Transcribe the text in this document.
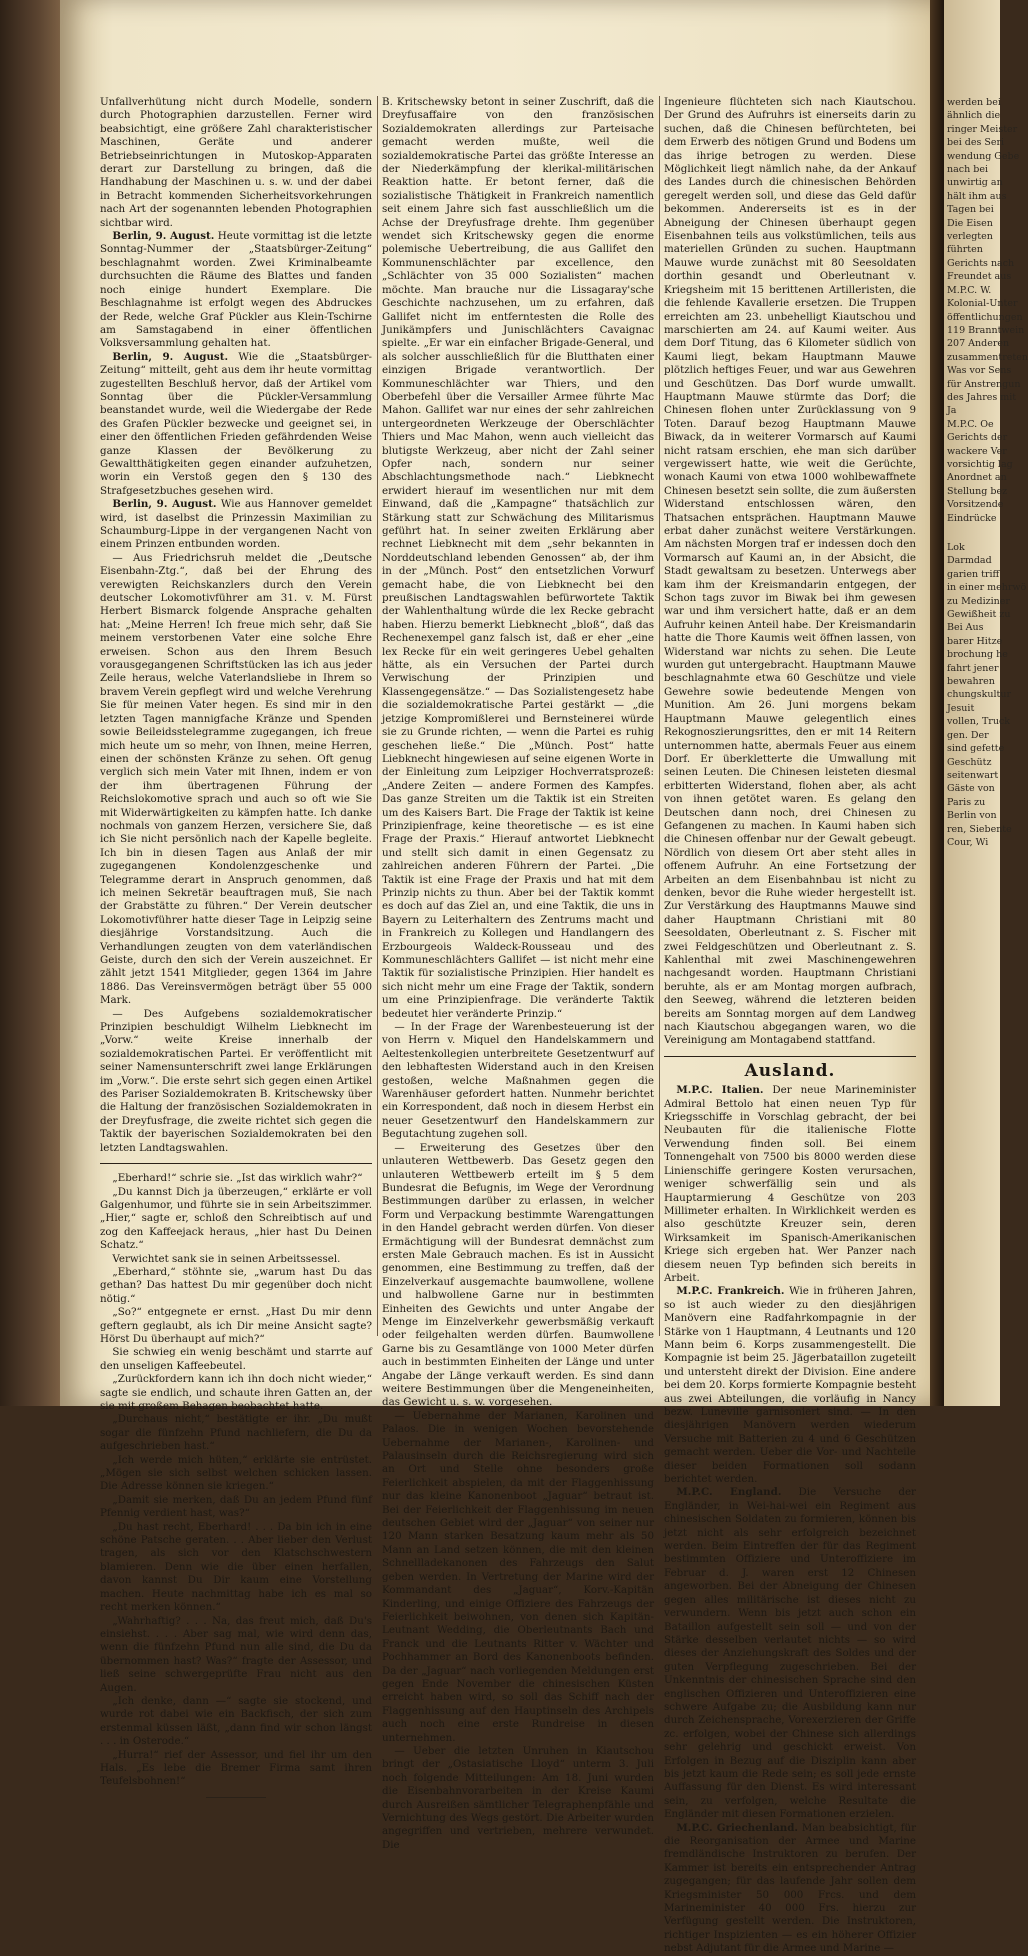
Unfallverhütung nicht durch Modelle, sondern durch Photographien darzustellen. Ferner wird beabsichtigt, eine größere Zahl charakteristischer Maschinen, Geräte und anderer Betriebseinrichtungen in Mutoskop-Apparaten derart zur Darstellung zu bringen, daß die Handhabung der Maschinen u. s. w. und der dabei in Betracht kommenden Sicherheitsvorkehrungen nach Art der sogenannten lebenden Photographien sichtbar wird.

Berlin, 9. August. Heute vormittag ist die letzte Sonntag-Nummer der „Staatsbürger-Zeitung“ beschlagnahmt worden. Zwei Kriminalbeamte durchsuchten die Räume des Blattes und fanden noch einige hundert Exemplare. Die Beschlagnahme ist erfolgt wegen des Abdruckes der Rede, welche Graf Pückler aus Klein-Tschirne am Samstagabend in einer öffentlichen Volksversammlung gehalten hat.

Berlin, 9. August. Wie die „Staatsbürger-Zeitung“ mitteilt, geht aus dem ihr heute vormittag zugestellten Beschluß hervor, daß der Artikel vom Sonntag über die Pückler-Versammlung beanstandet wurde, weil die Wiedergabe der Rede des Grafen Pückler bezwecke und geeignet sei, in einer den öffentlichen Frieden gefährdenden Weise ganze Klassen der Bevölkerung zu Gewaltthätigkeiten gegen einander aufzuhetzen, worin ein Verstoß gegen den § 130 des Strafgesetzbuches gesehen wird.

Berlin, 9. August. Wie aus Hannover gemeldet wird, ist daselbst die Prinzessin Maximilian zu Schaumburg-Lippe in der vergangenen Nacht von einem Prinzen entbunden worden.

— Aus Friedrichsruh meldet die „Deutsche Eisenbahn-Ztg.“, daß bei der Ehrung des verewigten Reichskanzlers durch den Verein deutscher Lokomotivführer am 31. v. M. Fürst Herbert Bismarck folgende Ansprache gehalten hat: „Meine Herren! Ich freue mich sehr, daß Sie meinem verstorbenen Vater eine solche Ehre erweisen. Schon aus den Ihrem Besuch vorausgegangenen Schriftstücken las ich aus jeder Zeile heraus, welche Vaterlandsliebe in Ihrem so bravem Verein gepflegt wird und welche Verehrung Sie für meinen Vater hegen. Es sind mir in den letzten Tagen mannigfache Kränze und Spenden sowie Beileidsstelegramme zugegangen, ich freue mich heute um so mehr, von Ihnen, meine Herren, einen der schönsten Kränze zu sehen. Oft genug verglich sich mein Vater mit Ihnen, indem er von der ihm übertragenen Führung der Reichslokomotive sprach und auch so oft wie Sie mit Widerwärtigkeiten zu kämpfen hatte. Ich danke nochmals von ganzem Herzen, versichere Sie, daß ich Sie nicht persönlich nach der Kapelle begleite. Ich bin in diesen Tagen aus Anlaß der mir zugegangenen Kondolenzgeschenke und Telegramme derart in Anspruch genommen, daß ich meinen Sekretär beauftragen muß, Sie nach der Grabstätte zu führen.“ Der Verein deutscher Lokomotivführer hatte dieser Tage in Leipzig seine diesjährige Vorstandsitzung. Auch die Verhandlungen zeugten von dem vaterländischen Geiste, durch den sich der Verein auszeichnet. Er zählt jetzt 1541 Mitglieder, gegen 1364 im Jahre 1886. Das Vereinsvermögen beträgt über 55 000 Mark.

— Des Aufgebens sozialdemokratischer Prinzipien beschuldigt Wilhelm Liebknecht im „Vorw.“ weite Kreise innerhalb der sozialdemokratischen Partei. Er veröffentlicht mit seiner Namensunterschrift zwei lange Erklärungen im „Vorw.“. Die erste sehrt sich gegen einen Artikel des Pariser Sozialdemokraten B. Kritschewsky über die Haltung der französischen Sozialdemokraten in der Dreyfusfrage, die zweite richtet sich gegen die Taktik der bayerischen Sozialdemokraten bei den letzten Landtagswahlen.

„Eberhard!“ schrie sie. „Ist das wirklich wahr?“

„Du kannst Dich ja überzeugen,“ erklärte er voll Galgenhumor, und führte sie in sein Arbeitszimmer. „Hier,“ sagte er, schloß den Schreibtisch auf und zog den Kaffeejack heraus, „hier hast Du Deinen Schatz.“

Verwichtet sank sie in seinen Arbeitssessel.

„Eberhard,“ stöhnte sie, „warum hast Du das gethan? Das hattest Du mir gegenüber doch nicht nötig.“

„So?“ entgegnete er ernst. „Hast Du mir denn geftern geglaubt, als ich Dir meine Ansicht sagte? Hörst Du überhaupt auf mich?“

Sie schwieg ein wenig beschämt und starrte auf den unseligen Kaffeebeutel.

„Zurückfordern kann ich ihn doch nicht wieder,“ sagte sie endlich, und schaute ihren Gatten an, der sie mit großem Behagen beobachtet hatte.

„Durchaus nicht,“ bestätigte er ihr. „Du mußt sogar die fünfzehn Pfund nachliefern, die Du da aufgeschrieben hast.“

„Ich werde mich hüten,“ erklärte sie entrüstet. „Mögen sie sich selbst welchen schicken lassen. Die Adresse können sie kriegen.“

„Damit sie merken, daß Du an jedem Pfund fünf Pfennig verdient hast, was?“

„Du hast recht, Eberhard! . . . Da bin ich in eine schöne Patsche geraten. . . Aber lieber den Verlust tragen, als sich vor den Klatschschwestern blamieren. Denn wie die über einen herfallen, davon kannst Du Dir kaum eine Vorstellung machen. Heute nachmittag habe ich es mal so recht merken können.“

„Wahrhaftig? . . . Na, das freut mich, daß Du's einsiehst. . . . Aber sag mal, wie wird denn das, wenn die fünfzehn Pfund nun alle sind, die Du da übernommen hast? Was?“ fragte der Assessor, und ließ seine schwergeprüfte Frau nicht aus den Augen.

„Ich denke, dann —“ sagte sie stockend, und wurde rot dabei wie ein Backfisch, der sich zum erstenmal küssen läßt, „dann find wir schon längst . . . in Osterode.“

„Hurra!“ rief der Assessor, und fiel ihr um den Hals. „Es lebe die Bremer Firma samt ihren Teufelsbohnen!“

B. Kritschewsky betont in seiner Zuschrift, daß die Dreyfusaffaire von den französischen Sozialdemokraten allerdings zur Parteisache gemacht werden mußte, weil die sozialdemokratische Partei das größte Interesse an der Niederkämpfung der klerikal-militärischen Reaktion hatte. Er betont ferner, daß die sozialistische Thätigkeit in Frankreich namentlich seit einem Jahre sich fast ausschließlich um die Achse der Dreyfusfrage drehte. Ihm gegenüber wendet sich Kritschewsky gegen die enorme polemische Uebertreibung, die aus Gallifet den Kommunenschlächter par excellence, den „Schlächter von 35 000 Sozialisten“ machen möchte. Man brauche nur die Lissagaray'sche Geschichte nachzusehen, um zu erfahren, daß Gallifet nicht im entferntesten die Rolle des Junikämpfers und Junischlächters Cavaignac spielte. „Er war ein einfacher Brigade-General, und als solcher ausschließlich für die Blutthaten einer einzigen Brigade verantwortlich. Der Kommuneschlächter war Thiers, und den Oberbefehl über die Versailler Armee führte Mac Mahon. Gallifet war nur eines der sehr zahlreichen untergeordneten Werkzeuge der Oberschlächter Thiers und Mac Mahon, wenn auch vielleicht das blutigste Werkzeug, aber nicht der Zahl seiner Opfer nach, sondern nur seiner Abschlachtungsmethode nach.“ Liebknecht erwidert hierauf im wesentlichen nur mit dem Einwand, daß die „Kampagne“ thatsächlich zur Stärkung statt zur Schwächung des Militarismus geführt hat. In seiner zweiten Erklärung aber rechnet Liebknecht mit dem „sehr bekannten in Norddeutschland lebenden Genossen“ ab, der ihm in der „Münch. Post“ den entsetzlichen Vorwurf gemacht habe, die von Liebknecht bei den preußischen Landtagswahlen befürwortete Taktik der Wahlenthaltung würde die lex Recke gebracht haben. Hierzu bemerkt Liebknecht „bloß“, daß das Rechenexempel ganz falsch ist, daß er eher „eine lex Recke für ein weit geringeres Uebel gehalten hätte, als ein Versuchen der Partei durch Verwischung der Prinzipien und Klassengegensätze.“ — Das Sozialistengesetz habe die sozialdemokratische Partei gestärkt — „die jetzige Kompromißlerei und Bernsteinerei würde sie zu Grunde richten, — wenn die Partei es ruhig geschehen ließe.“ Die „Münch. Post“ hatte Liebknecht hingewiesen auf seine eigenen Worte in der Einleitung zum Leipziger Hochverratsprozeß: „Andere Zeiten — andere Formen des Kampfes. Das ganze Streiten um die Taktik ist ein Streiten um des Kaisers Bart. Die Frage der Taktik ist keine Prinzipienfrage, keine theoretische — es ist eine Frage der Praxis.“ Hierauf antwortet Liebknecht und stellt sich damit in einen Gegensatz zu zahlreichen anderen Führern der Partei. „Die Taktik ist eine Frage der Praxis und hat mit dem Prinzip nichts zu thun. Aber bei der Taktik kommt es doch auf das Ziel an, und eine Taktik, die uns in Bayern zu Leiterhaltern des Zentrums macht und in Frankreich zu Kollegen und Handlangern des Erzbourgeois Waldeck-Rousseau und des Kommuneschlächters Gallifet — ist nicht mehr eine Taktik für sozialistische Prinzipien. Hier handelt es sich nicht mehr um eine Frage der Taktik, sondern um eine Prinzipienfrage. Die veränderte Taktik bedeutet hier veränderte Prinzip.“

— In der Frage der Warenbesteuerung ist der von Herrn v. Miquel den Handelskammern und Aeltestenkollegien unterbreitete Gesetzentwurf auf den lebhaftesten Widerstand auch in den Kreisen gestoßen, welche Maßnahmen gegen die Warenhäuser gefordert hatten. Nunmehr berichtet ein Korrespondent, daß noch in diesem Herbst ein neuer Gesetzentwurf den Handelskammern zur Begutachtung zugehen soll.

— Erweiterung des Gesetzes über den unlauteren Wettbewerb. Das Gesetz gegen den unlauteren Wettbewerb erteilt im § 5 dem Bundesrat die Befugnis, im Wege der Verordnung Bestimmungen darüber zu erlassen, in welcher Form und Verpackung bestimmte Warengattungen in den Handel gebracht werden dürfen. Von dieser Ermächtigung will der Bundesrat demnächst zum ersten Male Gebrauch machen. Es ist in Aussicht genommen, eine Bestimmung zu treffen, daß der Einzelverkauf ausgemachte baumwollene, wollene und halbwollene Garne nur in bestimmten Einheiten des Gewichts und unter Angabe der Menge im Einzelverkehr gewerbsmäßig verkauft oder feilgehalten werden dürfen. Baumwollene Garne bis zu Gesamtlänge von 1000 Meter dürfen auch in bestimmten Einheiten der Länge und unter Angabe der Länge verkauft werden. Es sind dann weitere Bestimmungen über die Mengeneinheiten, das Gewicht u. s. w. vorgesehen.

— Uebernahme der Marianen, Karolinen und Palaos. Die in wenigen Wochen bevorstehende Uebernahme der Marianen-, Karolinen- und Palausinseln durch die Reichsregierung wird sich an Ort und Stelle ohne besonders große Feierlichkeit abspielen, da mit der Flaggenhissung nur das kleine Kanonenboot „Jaguar“ betraut ist. Bei der Feierlichkeit der Flaggenhissung im neuen deutschen Gebiet wird der „Jaguar“ von seiner nur 120 Mann starken Besatzung kaum mehr als 50 Mann an Land setzen können, die mit den kleinen Schnellladekanonen des Fahrzeugs den Salut geben werden. In Vertretung der Marine wird der Kommandant des „Jaguar“, Korv.-Kapitän Kinderling, und einige Offiziere des Fahrzeugs der Feierlichkeit beiwohnen, von denen sich Kapitän-Leutnant Wedding, die Oberleutnants Bach und Franck und die Leutnants Ritter v. Wächter und Pochhammer an Bord des Kanonenboots befinden. Da der „Jaguar“ nach vorliegenden Meldungen erst gegen Ende November die chinesischen Küsten erreicht haben wird, so soll das Schiff nach der Flaggenhissung auf den Hauptinseln des Archipels auch noch eine erste Rundreise in diesen unternehmen.

— Ueber die letzten Unruhen in Kiautschou bringt der „Ostasiatische Lloyd“ unterm 3. Juli noch folgende Mitteilungen: Am 18. Juni wurden die Eisenbahnvorarbeiten in der Kreise Kaumi durch Ausreißen sämtlicher Telegraphenpfähle und Vernichtung des Wegs gestört. Die Arbeiter wurden angegriffen und vertrieben, mehrere verwundet. Die

Ingenieure flüchteten sich nach Kiautschou. Der Grund des Aufruhrs ist einerseits darin zu suchen, daß die Chinesen befürchteten, bei dem Erwerb des nötigen Grund und Bodens um das ihrige betrogen zu werden. Diese Möglichkeit liegt nämlich nahe, da der Ankauf des Landes durch die chinesischen Behörden geregelt werden soll, und diese das Geld dafür bekommen. Andererseits ist es in der Abneigung der Chinesen überhaupt gegen Eisenbahnen teils aus volkstümlichen, teils aus materiellen Gründen zu suchen. Hauptmann Mauwe wurde zunächst mit 80 Seesoldaten dorthin gesandt und Oberleutnant v. Kriegsheim mit 15 berittenen Artilleristen, die die fehlende Kavallerie ersetzen. Die Truppen erreichten am 23. unbehelligt Kiautschou und marschierten am 24. auf Kaumi weiter. Aus dem Dorf Titung, das 6 Kilometer südlich von Kaumi liegt, bekam Hauptmann Mauwe plötzlich heftiges Feuer, und war aus Gewehren und Geschützen. Das Dorf wurde umwallt. Hauptmann Mauwe stürmte das Dorf; die Chinesen flohen unter Zurücklassung von 9 Toten. Darauf bezog Hauptmann Mauwe Biwack, da in weiterer Vormarsch auf Kaumi nicht ratsam erschien, ehe man sich darüber vergewissert hatte, wie weit die Gerüchte, wonach Kaumi von etwa 1000 wohlbewaffnete Chinesen besetzt sein sollte, die zum äußersten Widerstand entschlossen wären, den Thatsachen entsprächen. Hauptmann Mauwe erbat daher zunächst weitere Verstärkungen. Am nächsten Morgen traf er indessen doch den Vormarsch auf Kaumi an, in der Absicht, die Stadt gewaltsam zu besetzen. Unterwegs aber kam ihm der Kreismandarin entgegen, der Schon tags zuvor im Biwak bei ihm gewesen war und ihm versichert hatte, daß er an dem Aufruhr keinen Anteil habe. Der Kreismandarin hatte die Thore Kaumis weit öffnen lassen, von Widerstand war nichts zu sehen. Die Leute wurden gut untergebracht. Hauptmann Mauwe beschlagnahmte etwa 60 Geschütze und viele Gewehre sowie bedeutende Mengen von Munition. Am 26. Juni morgens bekam Hauptmann Mauwe gelegentlich eines Rekognoszierungsrittes, den er mit 14 Reitern unternommen hatte, abermals Feuer aus einem Dorf. Er überkletterte die Umwallung mit seinen Leuten. Die Chinesen leisteten diesmal erbitterten Widerstand, flohen aber, als acht von ihnen getötet waren. Es gelang den Deutschen dann noch, drei Chinesen zu Gefangenen zu machen. In Kaumi haben sich die Chinesen offenbar nur der Gewalt gebeugt. Nördlich von diesem Ort aber steht alles in offenem Aufruhr. An eine Fortsetzung der Arbeiten an dem Eisenbahnbau ist nicht zu denken, bevor die Ruhe wieder hergestellt ist. Zur Verstärkung des Hauptmanns Mauwe sind daher Hauptmann Christiani mit 80 Seesoldaten, Oberleutnant z. S. Fischer mit zwei Feldgeschützen und Oberleutnant z. S. Kahlenthal mit zwei Maschinengewehren nachgesandt worden. Hauptmann Christiani beruhte, als er am Montag morgen aufbrach, den Seeweg, während die letzteren beiden bereits am Sonntag morgen auf dem Landweg nach Kiautschou abgegangen waren, wo die Vereinigung am Montagabend stattfand.

Ausland.

M.P.C. Italien. Der neue Marineminister Admiral Bettolo hat einen neuen Typ für Kriegsschiffe in Vorschlag gebracht, der bei Neubauten für die italienische Flotte Verwendung finden soll. Bei einem Tonnengehalt von 7500 bis 8000 werden diese Linienschiffe geringere Kosten verursachen, weniger schwerfällig sein und als Hauptarmierung 4 Geschütze von 203 Millimeter erhalten. In Wirklichkeit werden es also geschützte Kreuzer sein, deren Wirksamkeit im Spanisch-Amerikanischen Kriege sich ergeben hat. Wer Panzer nach diesem neuen Typ befinden sich bereits in Arbeit.

M.P.C. Frankreich. Wie in früheren Jahren, so ist auch wieder zu den diesjährigen Manövern eine Radfahrkompagnie in der Stärke von 1 Hauptmann, 4 Leutnants und 120 Mann beim 6. Korps zusammengestellt. Die Kompagnie ist beim 25. Jägerbataillon zugeteilt und untersteht direkt der Division. Eine andere bei dem 20. Korps formierte Kompagnie besteht aus zwei Abteilungen, die vorläufig in Nancy bezw. Luneville garnisoniert sind. — In den diesjährigen Manövern werden wiederum Versuche mit Batterien zu 4 und 6 Geschützen gemacht werden. Ueber die Vor- und Nachteile dieser beiden Formationen soll sodann berichtet werden.

M.P.C. England. Die Versuche der Engländer, in Wei-hai-wei ein Regiment aus chinesischen Soldaten zu formieren, können bis jetzt nicht als sehr erfolgreich bezeichnet werden. Beim Eintreffen der für das Regiment bestimmten Offiziere und Unteroffiziere im Februar d. J. waren erst 12 Chinesen angeworben. Bei der Abneigung der Chinesen gegen alles militärische ist dieses nicht zu verwundern. Wenn bis jetzt auch schon ein Bataillon aufgestellt sein soll — und von der Stärke desselben verlautet nichts — so wird dieses der Anziehungskraft des Soldes und der guten Verpflegung zugeschrieben. Bei der Unkenntnis der chinesischen Sprache sind den englischen Offizieren und Unteroffizieren eine schwere Aufgabe zu; die Ausbildung kann nur durch Zeichensprache, Vorexerzieren der Griffe zc. erfolgen, wobei der Chinese sich allerdings sehr gelehrig und geschickt erweist. Von Erfolgen in Bezug auf die Disziplin kann aber bis jetzt kaum die Rede sein; es soll jede ernste Auffassung für den Dienst. Es wird interessant sein, zu verfolgen, welche Resultate die Engländer mit diesen Formationen erzielen.

M.P.C. Griechenland. Man beabsichtigt, für die Reorganisation der Armee und Marine fremdländische Instruktoren zu berufen. Der Kammer ist bereits ein entsprechender Antrag zugegangen; für das laufende Jahr sollen dem Kriegsminister 50 000 Frcs. und dem Marineminister 40 000 Frs. hierzu zur Verfügung gestellt werden. Die Instruktoren, richtiger Inspizienten — es ein höherer Offizier nebst Adjutant für die Armee und Marine —

werden bei
ähnlich die
ringer Meister
bei des Seri
wendung Gebe
nach bei
unwirtig an
hält ihm aus
Tagen bei
Die Eisen
verlegten
führten
Gerichts nach
Freundet aus
M.P.C. W.
Kolonial-Unter
öffentlichungen
119 Branntwein
207 Anderen
zusammentreten
Was vor Sens
für Anstrengun
des Jahres mit
Ja
M.P.C. Oe
Gerichts der
wackere Ver
vorsichtig lag
Anordnet an
Stellung bez
Vorsitzende
Eindrücke
Lok
Darmdad
garien triff
in einer mehrwö
zu Mediziner
Gewißheit zu
Bei Aus
barer Hitze
brochung he
fahrt jener
bewahren
chungskultur
Jesuit
vollen, Truck
gen. Der
sind gefette
Geschütz
seitenwart
Gäste von
Paris zu
Berlin von
ren, Siebente
Cour, Wi
